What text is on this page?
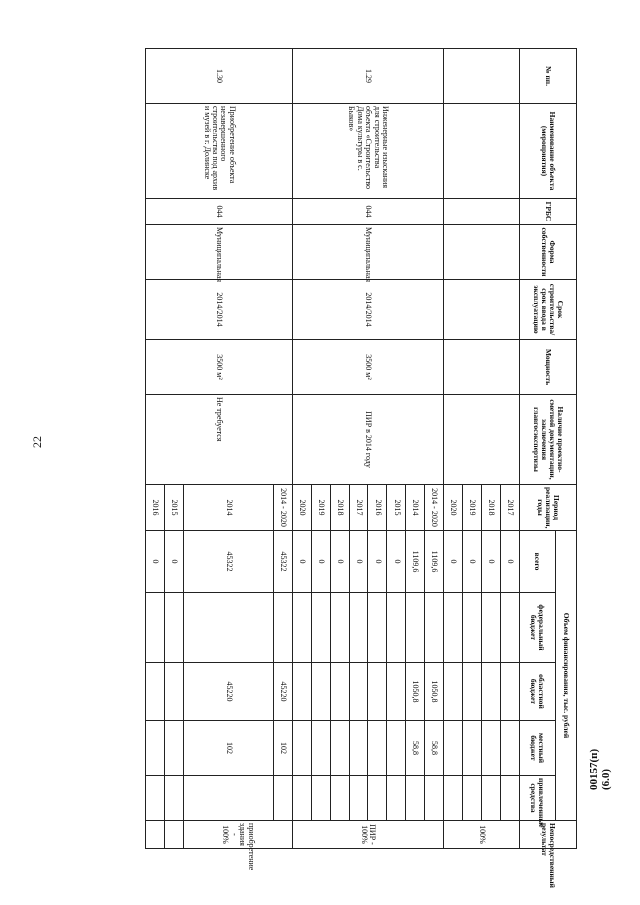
22
00157(п)(6.0)
№ пп.	Наименование объекта (мероприятия)	ГРБС	Форма собственности	Срок строительства/срок ввода в эксплуатацию	Мощность	Наличие проектно-сметной документации, заключения главгосэкспертизы	Период реализации, годы	Объем финансирования, тыс. рублей					Непосредственный результат
								всего	федеральный бюджет	областной бюджет	местный бюджет	привлеченные средства	
							2017	0					100%
							2018	0					
							2019	0					
							2020	0					
1.29	Инженерные изыскания для строительства объекта «Строительство Дома культуры в с. Быков»	044	Муниципальная	2014/2014	3500 м²	ПИР в 2014 году	2014 - 2020	1109,6		1050,8	58,8		ПИР - 100%
							2014	1109,6		1050,8	58,8		
							2015	0					
							2016	0					
							2017	0					
							2018	0					
							2019	0					
							2020	0					
1.30	Приобретение объекта незавершенного строительства под архив и музей в г. Долинске	044	Муниципальная	2014/2014	3500 м²	Не требуется	2014 - 2020	45322		45220	102		приобретение здания - 100%
							2014	45322		45220	102		
							2015	0					
							2016	0					
